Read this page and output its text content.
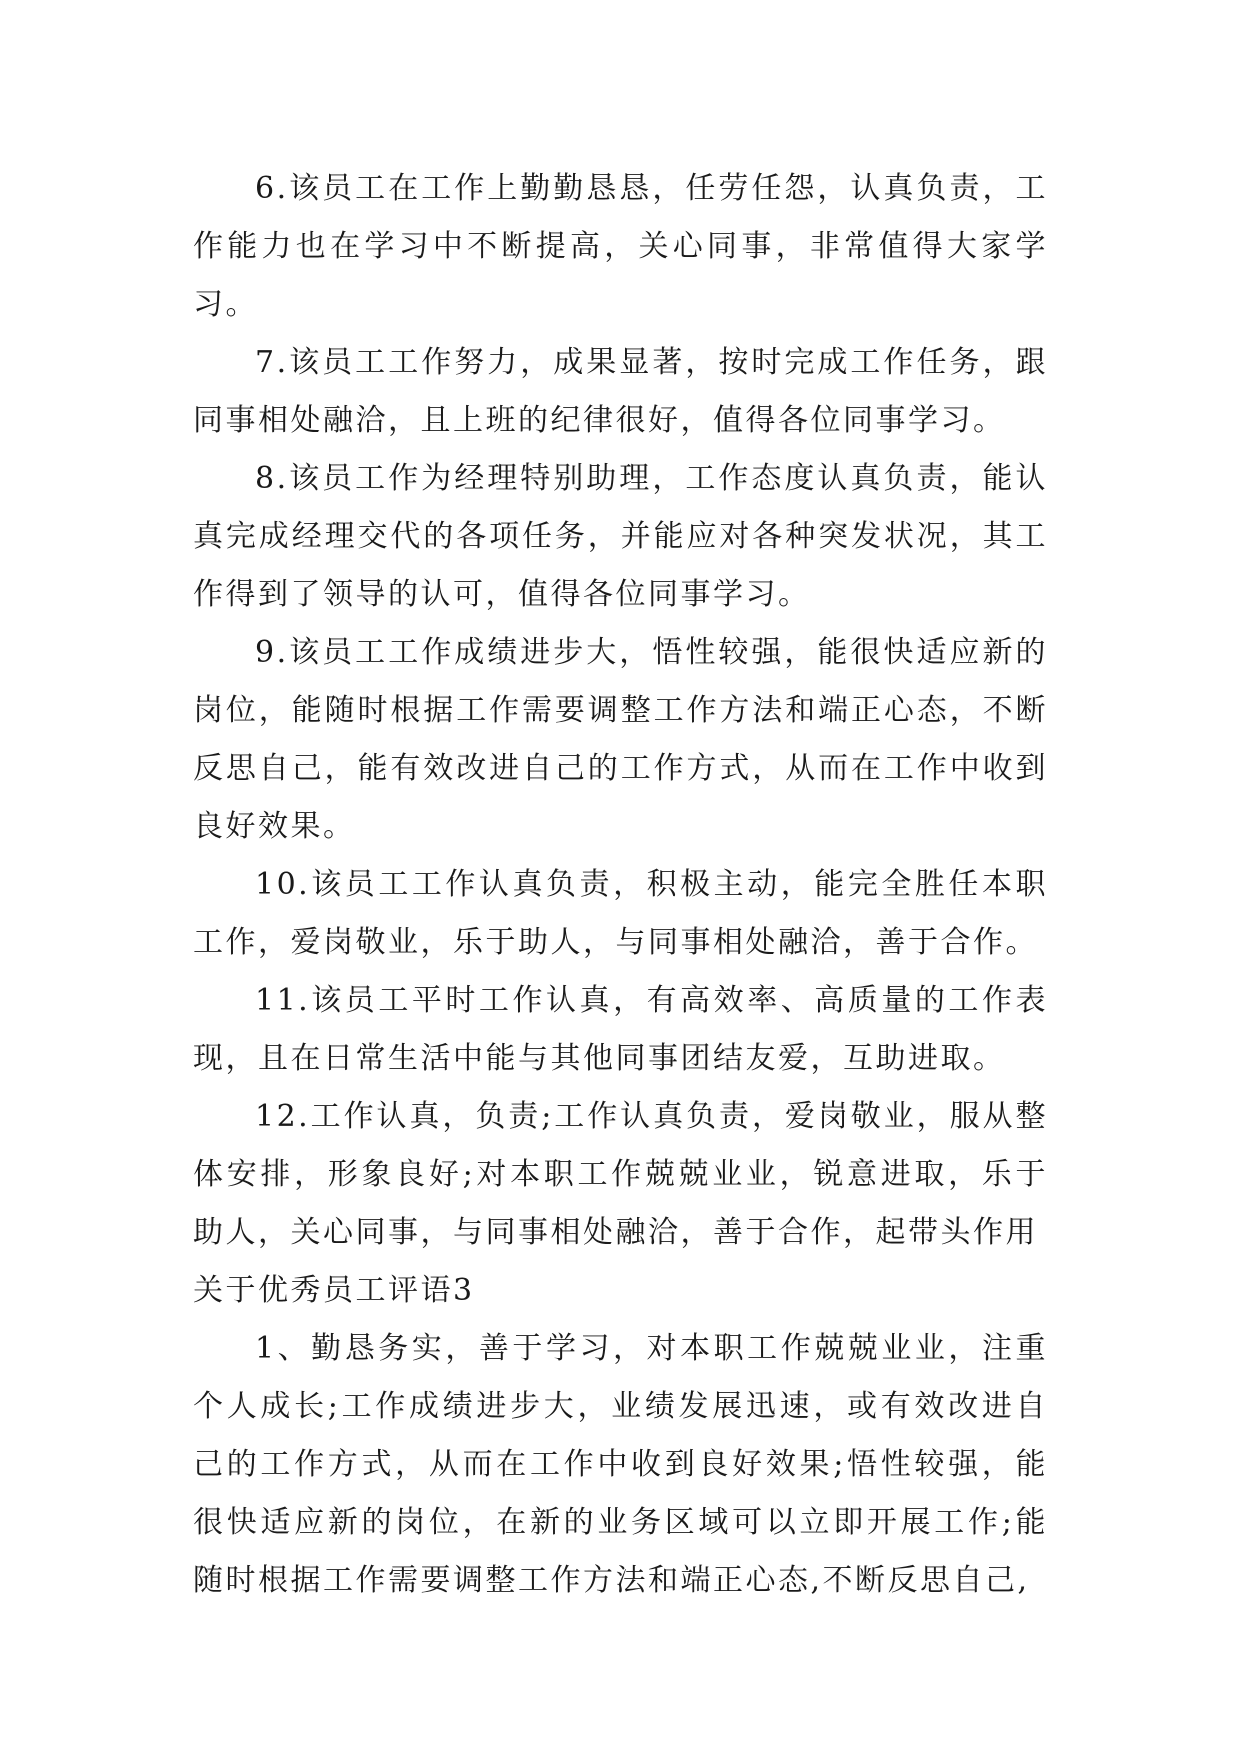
6.该员工在工作上勤勤恳恳，任劳任怨，认真负责，工作能力也在学习中不断提高，关心同事，非常值得大家学习。

7.该员工工作努力，成果显著，按时完成工作任务，跟同事相处融洽，且上班的纪律很好，值得各位同事学习。

8.该员工作为经理特别助理，工作态度认真负责，能认真完成经理交代的各项任务，并能应对各种突发状况，其工作得到了领导的认可，值得各位同事学习。

9.该员工工作成绩进步大，悟性较强，能很快适应新的岗位，能随时根据工作需要调整工作方法和端正心态，不断反思自己，能有效改进自己的工作方式，从而在工作中收到良好效果。

10.该员工工作认真负责，积极主动，能完全胜任本职工作，爱岗敬业，乐于助人，与同事相处融洽，善于合作。

11.该员工平时工作认真，有高效率、高质量的工作表现，且在日常生活中能与其他同事团结友爱，互助进取。

12.工作认真，负责;工作认真负责，爱岗敬业，服从整体安排，形象良好;对本职工作兢兢业业，锐意进取，乐于助人，关心同事，与同事相处融洽，善于合作，起带头作用

关于优秀员工评语3

1、勤恳务实，善于学习，对本职工作兢兢业业，注重个人成长;工作成绩进步大，业绩发展迅速，或有效改进自己的工作方式，从而在工作中收到良好效果;悟性较强，能很快适应新的岗位，在新的业务区域可以立即开展工作;能随时根据工作需要调整工作方法和端正心态,不断反思自己,
